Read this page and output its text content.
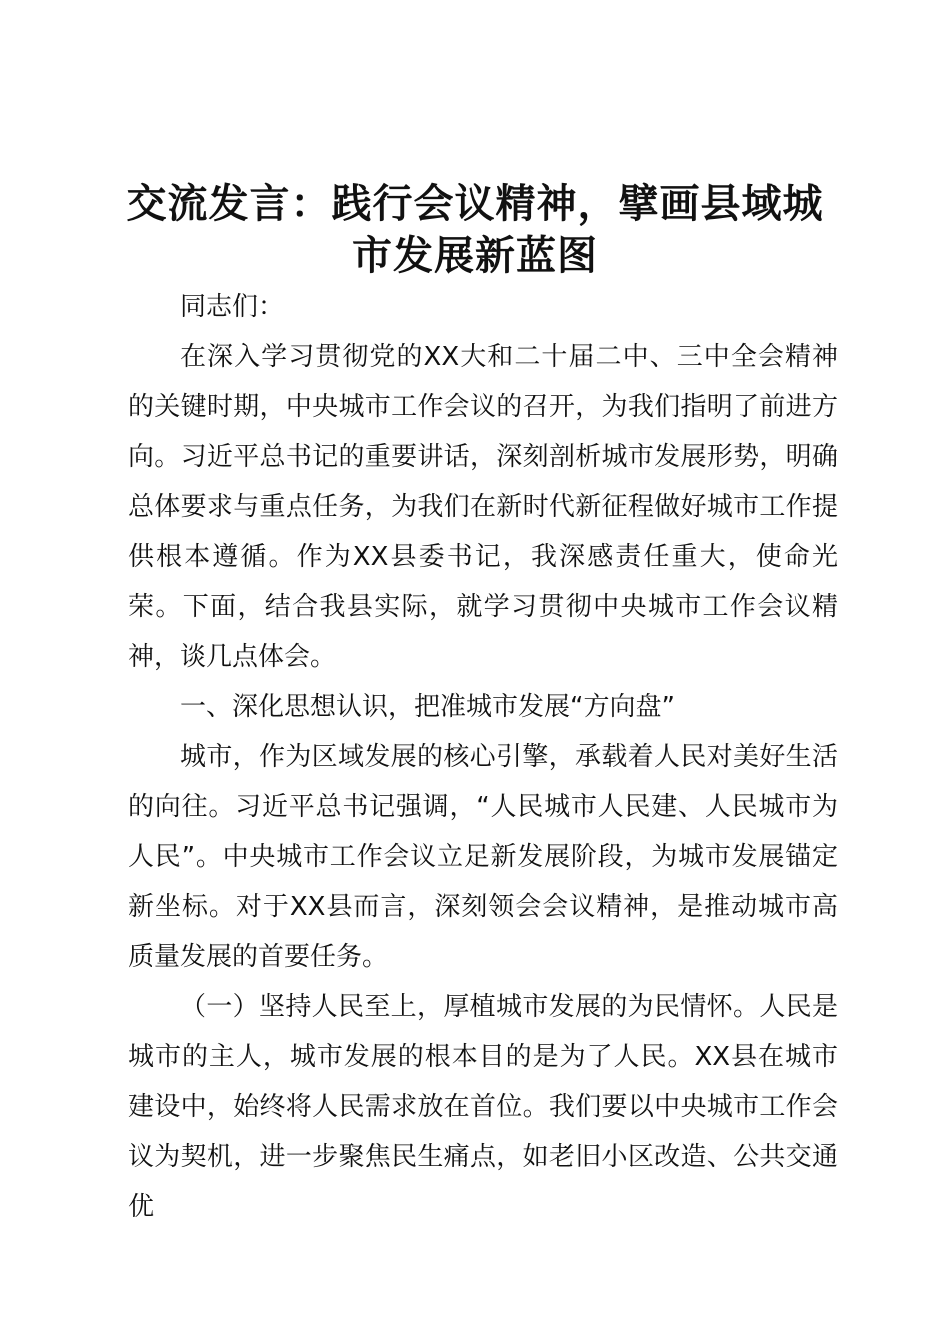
交流发言：践行会议精神，擘画县域城
市发展新蓝图

同志们：

在深入学习贯彻党的XX大和二十届二中、三中全会精神的关键时期，中央城市工作会议的召开，为我们指明了前进方向。习近平总书记的重要讲话，深刻剖析城市发展形势，明确总体要求与重点任务，为我们在新时代新征程做好城市工作提供根本遵循。作为XX县委书记，我深感责任重大，使命光荣。下面，结合我县实际，就学习贯彻中央城市工作会议精神，谈几点体会。

一、深化思想认识，把准城市发展“方向盘”

城市，作为区域发展的核心引擎，承载着人民对美好生活的向往。习近平总书记强调，“人民城市人民建、人民城市为人民”。中央城市工作会议立足新发展阶段，为城市发展锚定新坐标。对于XX县而言，深刻领会会议精神，是推动城市高质量发展的首要任务。

（一）坚持人民至上，厚植城市发展的为民情怀。人民是城市的主人，城市发展的根本目的是为了人民。XX县在城市建设中，始终将人民需求放在首位。我们要以中央城市工作会议为契机，进一步聚焦民生痛点，如老旧小区改造、公共交通优
